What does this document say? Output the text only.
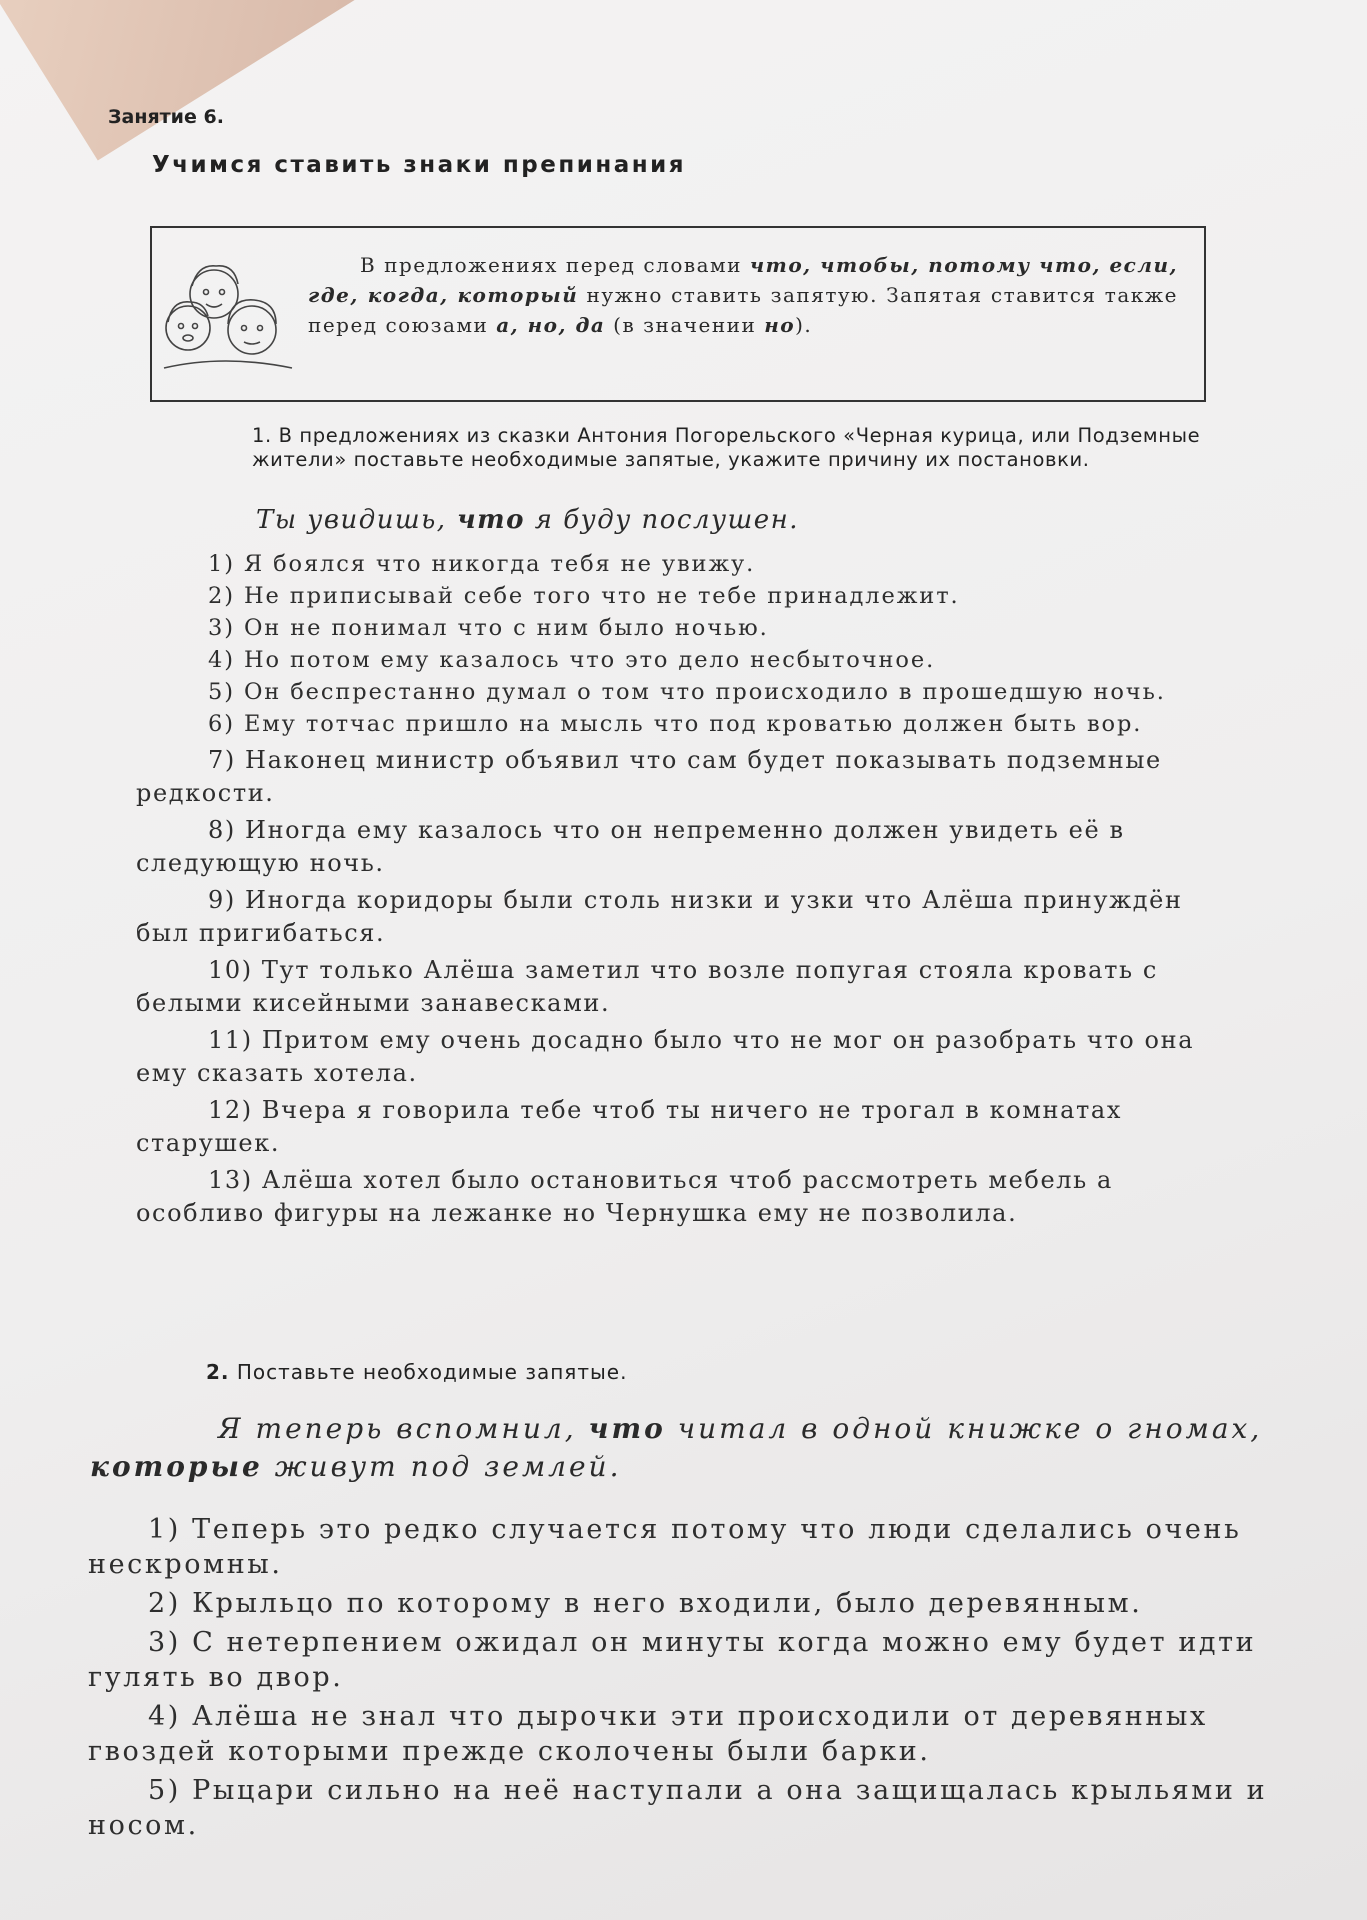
Занятие 6.
Учимся ставить знаки препинания
В предложениях перед словами что, чтобы, потому что, если, где, когда, который нужно ставить запятую. Запятая ставится также перед союзами а, но, да (в значении но).
1. В предложениях из сказки Антония Погорельского «Черная курица, или Подземные жители» поставьте необходимые запятые, укажите причину их постановки.
Ты увидишь, что я буду послушен.

1) Я боялся что никогда тебя не увижу.

2) Не приписывай себе того что не тебе принадлежит.

3) Он не понимал что с ним было ночью.

4) Но потом ему казалось что это дело несбыточное.

5) Он беспрестанно думал о том что происходило в прошедшую ночь.

6) Ему тотчас пришло на мысль что под кроватью должен быть вор.

7) Наконец министр объявил что сам будет показывать подземные редкости.

8) Иногда ему казалось что он непременно должен увидеть её в следующую ночь.

9) Иногда коридоры были столь низки и узки что Алёша принуждён был пригибаться.

10) Тут только Алёша заметил что возле попугая стояла кровать с белыми кисейными занавесками.

11) Притом ему очень досадно было что не мог он разобрать что она ему сказать хотела.

12) Вчера я говорила тебе чтоб ты ничего не трогал в комнатах старушек.

13) Алёша хотел было остановиться чтоб рассмотреть мебель а особливо фигуры на лежанке но Чернушка ему не позволила.

2. Поставьте необходимые запятые.
Я теперь вспомнил, что читал в одной книжке о гномах, которые живут под землей.

1) Теперь это редко случается потому что люди сделались очень нескромны.

2) Крыльцо по которому в него входили, было деревянным.

3) С нетерпением ожидал он минуты когда можно ему будет идти гулять во двор.

4) Алёша не знал что дырочки эти происходили от деревянных гвоздей которыми прежде сколочены были барки.

5) Рыцари сильно на неё наступали а она защищалась крыльями и носом.
